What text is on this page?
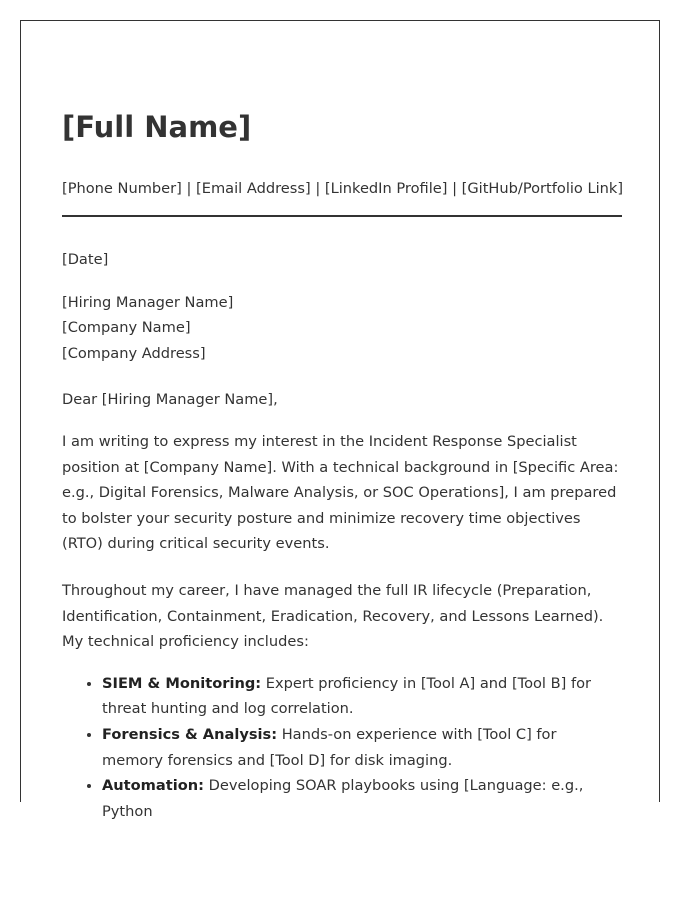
[Full Name]
[Phone Number] | [Email Address] | [LinkedIn Profile] | [GitHub/Portfolio Link]
[Date]
[Hiring Manager Name]
[Company Name]
[Company Address]
Dear [Hiring Manager Name],

I am writing to express my interest in the Incident Response Specialist position at [Company Name]. With a technical background in [Specific Area: e.g., Digital Forensics, Malware Analysis, or SOC Operations], I am prepared to bolster your security posture and minimize recovery time objectives (RTO) during critical security events.

Throughout my career, I have managed the full IR lifecycle (Preparation, Identification, Containment, Eradication, Recovery, and Lessons Learned). My technical proficiency includes:

• SIEM & Monitoring: Expert proficiency in [Tool A] and [Tool B] for threat hunting and log correlation.
• Forensics & Analysis: Hands-on experience with [Tool C] for memory forensics and [Tool D] for disk imaging.
• Automation: Developing SOAR playbooks using [Language: e.g., Python
